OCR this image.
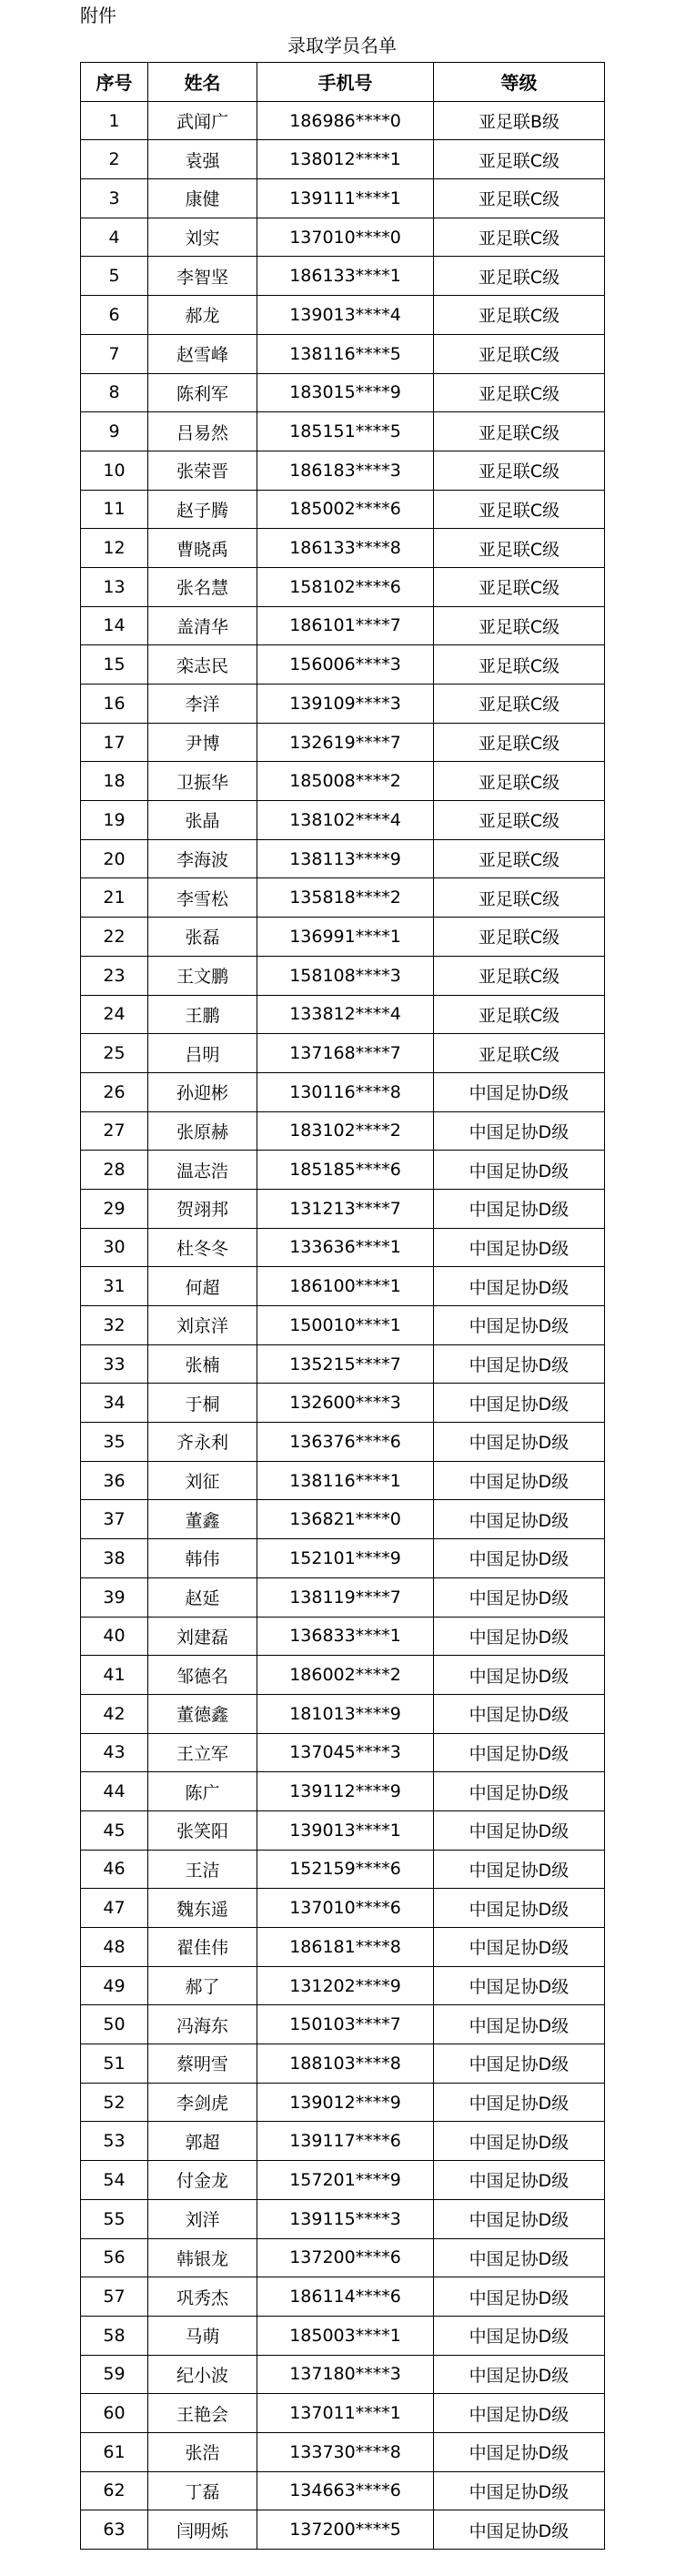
附件
录取学员名单
序号	姓名	手机号	等级
1	武闻广	186986****0	亚足联B级
2	袁强	138012****1	亚足联C级
3	康健	139111****1	亚足联C级
4	刘实	137010****0	亚足联C级
5	李智坚	186133****1	亚足联C级
6	郝龙	139013****4	亚足联C级
7	赵雪峰	138116****5	亚足联C级
8	陈利军	183015****9	亚足联C级
9	吕易然	185151****5	亚足联C级
10	张荣晋	186183****3	亚足联C级
11	赵子腾	185002****6	亚足联C级
12	曹晓禹	186133****8	亚足联C级
13	张名慧	158102****6	亚足联C级
14	盖清华	186101****7	亚足联C级
15	栾志民	156006****3	亚足联C级
16	李洋	139109****3	亚足联C级
17	尹博	132619****7	亚足联C级
18	卫振华	185008****2	亚足联C级
19	张晶	138102****4	亚足联C级
20	李海波	138113****9	亚足联C级
21	李雪松	135818****2	亚足联C级
22	张磊	136991****1	亚足联C级
23	王文鹏	158108****3	亚足联C级
24	王鹏	133812****4	亚足联C级
25	吕明	137168****7	亚足联C级
26	孙迎彬	130116****8	中国足协D级
27	张原赫	183102****2	中国足协D级
28	温志浩	185185****6	中国足协D级
29	贺翊邦	131213****7	中国足协D级
30	杜冬冬	133636****1	中国足协D级
31	何超	186100****1	中国足协D级
32	刘京洋	150010****1	中国足协D级
33	张楠	135215****7	中国足协D级
34	于桐	132600****3	中国足协D级
35	齐永利	136376****6	中国足协D级
36	刘征	138116****1	中国足协D级
37	董鑫	136821****0	中国足协D级
38	韩伟	152101****9	中国足协D级
39	赵延	138119****7	中国足协D级
40	刘建磊	136833****1	中国足协D级
41	邹德名	186002****2	中国足协D级
42	董德鑫	181013****9	中国足协D级
43	王立军	137045****3	中国足协D级
44	陈广	139112****9	中国足协D级
45	张笑阳	139013****1	中国足协D级
46	王洁	152159****6	中国足协D级
47	魏东遥	137010****6	中国足协D级
48	翟佳伟	186181****8	中国足协D级
49	郝了	131202****9	中国足协D级
50	冯海东	150103****7	中国足协D级
51	蔡明雪	188103****8	中国足协D级
52	李剑虎	139012****9	中国足协D级
53	郭超	139117****6	中国足协D级
54	付金龙	157201****9	中国足协D级
55	刘洋	139115****3	中国足协D级
56	韩银龙	137200****6	中国足协D级
57	巩秀杰	186114****6	中国足协D级
58	马萌	185003****1	中国足协D级
59	纪小波	137180****3	中国足协D级
60	王艳会	137011****1	中国足协D级
61	张浩	133730****8	中国足协D级
62	丁磊	134663****6	中国足协D级
63	闫明烁	137200****5	中国足协D级
